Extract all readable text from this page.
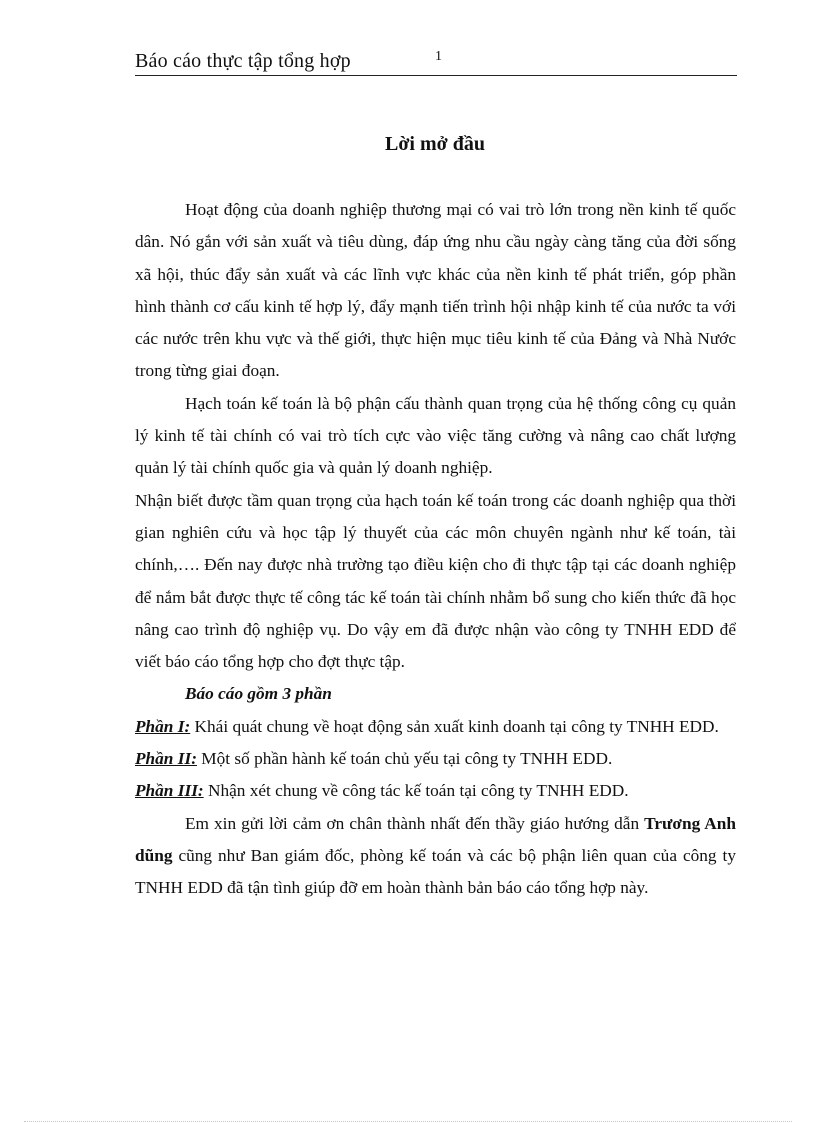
Báo cáo thực tập tổng hợp	1
Lời mở đầu

Hoạt động của doanh nghiệp thương mại có vai trò lớn trong nền kinh tế quốc dân. Nó gắn với sản xuất và tiêu dùng, đáp ứng nhu cầu ngày càng tăng của đời sống xã hội, thúc đẩy sản xuất và các lĩnh vực khác của nền kinh tế phát triển, góp phần hình thành cơ cấu kinh tế hợp lý, đẩy mạnh tiến trình hội nhập kinh tế của nước ta với các nước trên khu vực và thế giới, thực hiện mục tiêu kinh tế của Đảng và Nhà Nước trong từng giai đoạn.

Hạch toán kế toán là bộ phận cấu thành quan trọng của hệ thống công cụ quản lý kinh tế tài chính có vai trò tích cực vào việc tăng cường và nâng cao chất lượng quản lý tài chính quốc gia và quản lý doanh nghiệp.

Nhận biết được tầm quan trọng của hạch toán kế toán trong các doanh nghiệp qua thời gian nghiên cứu và học tập lý thuyết của các môn chuyên ngành như kế toán, tài chính,…. Đến nay được nhà trường tạo điều kiện cho đi thực tập tại các doanh nghiệp để nắm bắt được thực tế công tác kế toán tài chính nhằm bổ sung cho kiến thức đã học nâng cao trình độ nghiệp vụ. Do vậy em đã được nhận vào công ty TNHH EDD để viết báo cáo tổng hợp cho đợt thực tập.

Báo cáo gồm 3 phần

Phần I: Khái quát chung về hoạt động sản xuất kinh doanh tại công ty TNHH EDD.

Phần II: Một số phần hành kế toán chủ yếu tại công ty TNHH EDD.

Phần III: Nhận xét chung về công tác kế toán tại công ty TNHH EDD.

Em xin gửi lời cảm ơn chân thành nhất đến thầy giáo hướng dẫn Trương Anh dũng cũng như Ban giám đốc, phòng kế toán và các bộ phận liên quan của công ty TNHH EDD đã tận tình giúp đỡ em hoàn thành bản báo cáo tổng hợp này.
